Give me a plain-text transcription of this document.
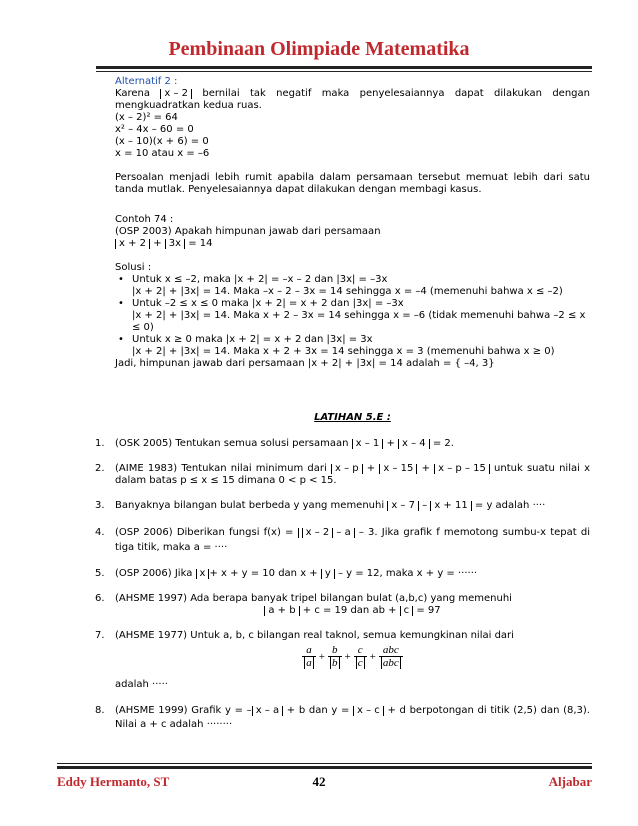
Pembinaan Olimpiade Matematika
Alternatif 2 :
Karena x – 2 bernilai tak negatif maka penyelesaiannya dapat dilakukan dengan mengkuadratkan kedua ruas.
(x – 2)² = 64
x² – 4x – 60 = 0
(x – 10)(x + 6) = 0
x = 10 atau x = –6
Persoalan menjadi lebih rumit apabila dalam persamaan tersebut memuat lebih dari satu tanda mutlak. Penyelesaiannya dapat dilakukan dengan membagi kasus.
Contoh 74 :
(OSP 2003) Apakah himpunan jawab dari persamaan
x + 2 + 3x = 14
Solusi :
• Untuk x ≤ –2, maka |x + 2| = –x – 2 dan |3x| = –3x
|x + 2| + |3x| = 14. Maka –x – 2 – 3x = 14 sehingga x = –4 (memenuhi bahwa x ≤ –2)
• Untuk –2 ≤ x ≤ 0 maka |x + 2| = x + 2 dan |3x| = –3x
|x + 2| + |3x| = 14. Maka x + 2 – 3x = 14 sehingga x = –6 (tidak memenuhi bahwa –2 ≤ x ≤ 0)
• Untuk x ≥ 0 maka |x + 2| = x + 2 dan |3x| = 3x
|x + 2| + |3x| = 14. Maka x + 2 + 3x = 14 sehingga x = 3 (memenuhi bahwa x ≥ 0)
Jadi, himpunan jawab dari persamaan |x + 2| + |3x| = 14 adalah = { –4, 3}
LATIHAN 5.E :
1. (OSK 2005) Tentukan semua solusi persamaan x – 1 + x – 4 = 2.
2. (AIME 1983) Tentukan nilai minimum dari x – p + x – 15 + x – p – 15 untuk suatu nilai x dalam batas p ≤ x ≤ 15 dimana 0 < p < 15.
3. Banyaknya bilangan bulat berbeda y yang memenuhi x – 7 – x + 11 = y adalah ····
4. (OSP 2006) Diberikan fungsi f(x) = x – 2 – a – 3. Jika grafik f memotong sumbu-x tepat di tiga titik, maka a = ····
5. (OSP 2006) Jika x + x + y = 10 dan x + y – y = 12, maka x + y = ······
6. (AHSME 1997) Ada berapa banyak tripel bilangan bulat (a,b,c) yang memenuhi
a + b + c = 19 dan ab + c = 97
7. (AHSME 1977) Untuk a, b, c bilangan real taknol, semua kemungkinan nilai dari
$\frac{a}{a} + \frac{b}{b} + \frac{c}{c} + \frac{\text{abc}}{\text{abc}}$
adalah ·····
8. (AHSME 1999) Grafik y = – x – a + b dan y = x – c + d berpotongan di titik (2,5) dan (8,3). Nilai a + c adalah ········
Eddy Hermanto, ST	42	Aljabar
